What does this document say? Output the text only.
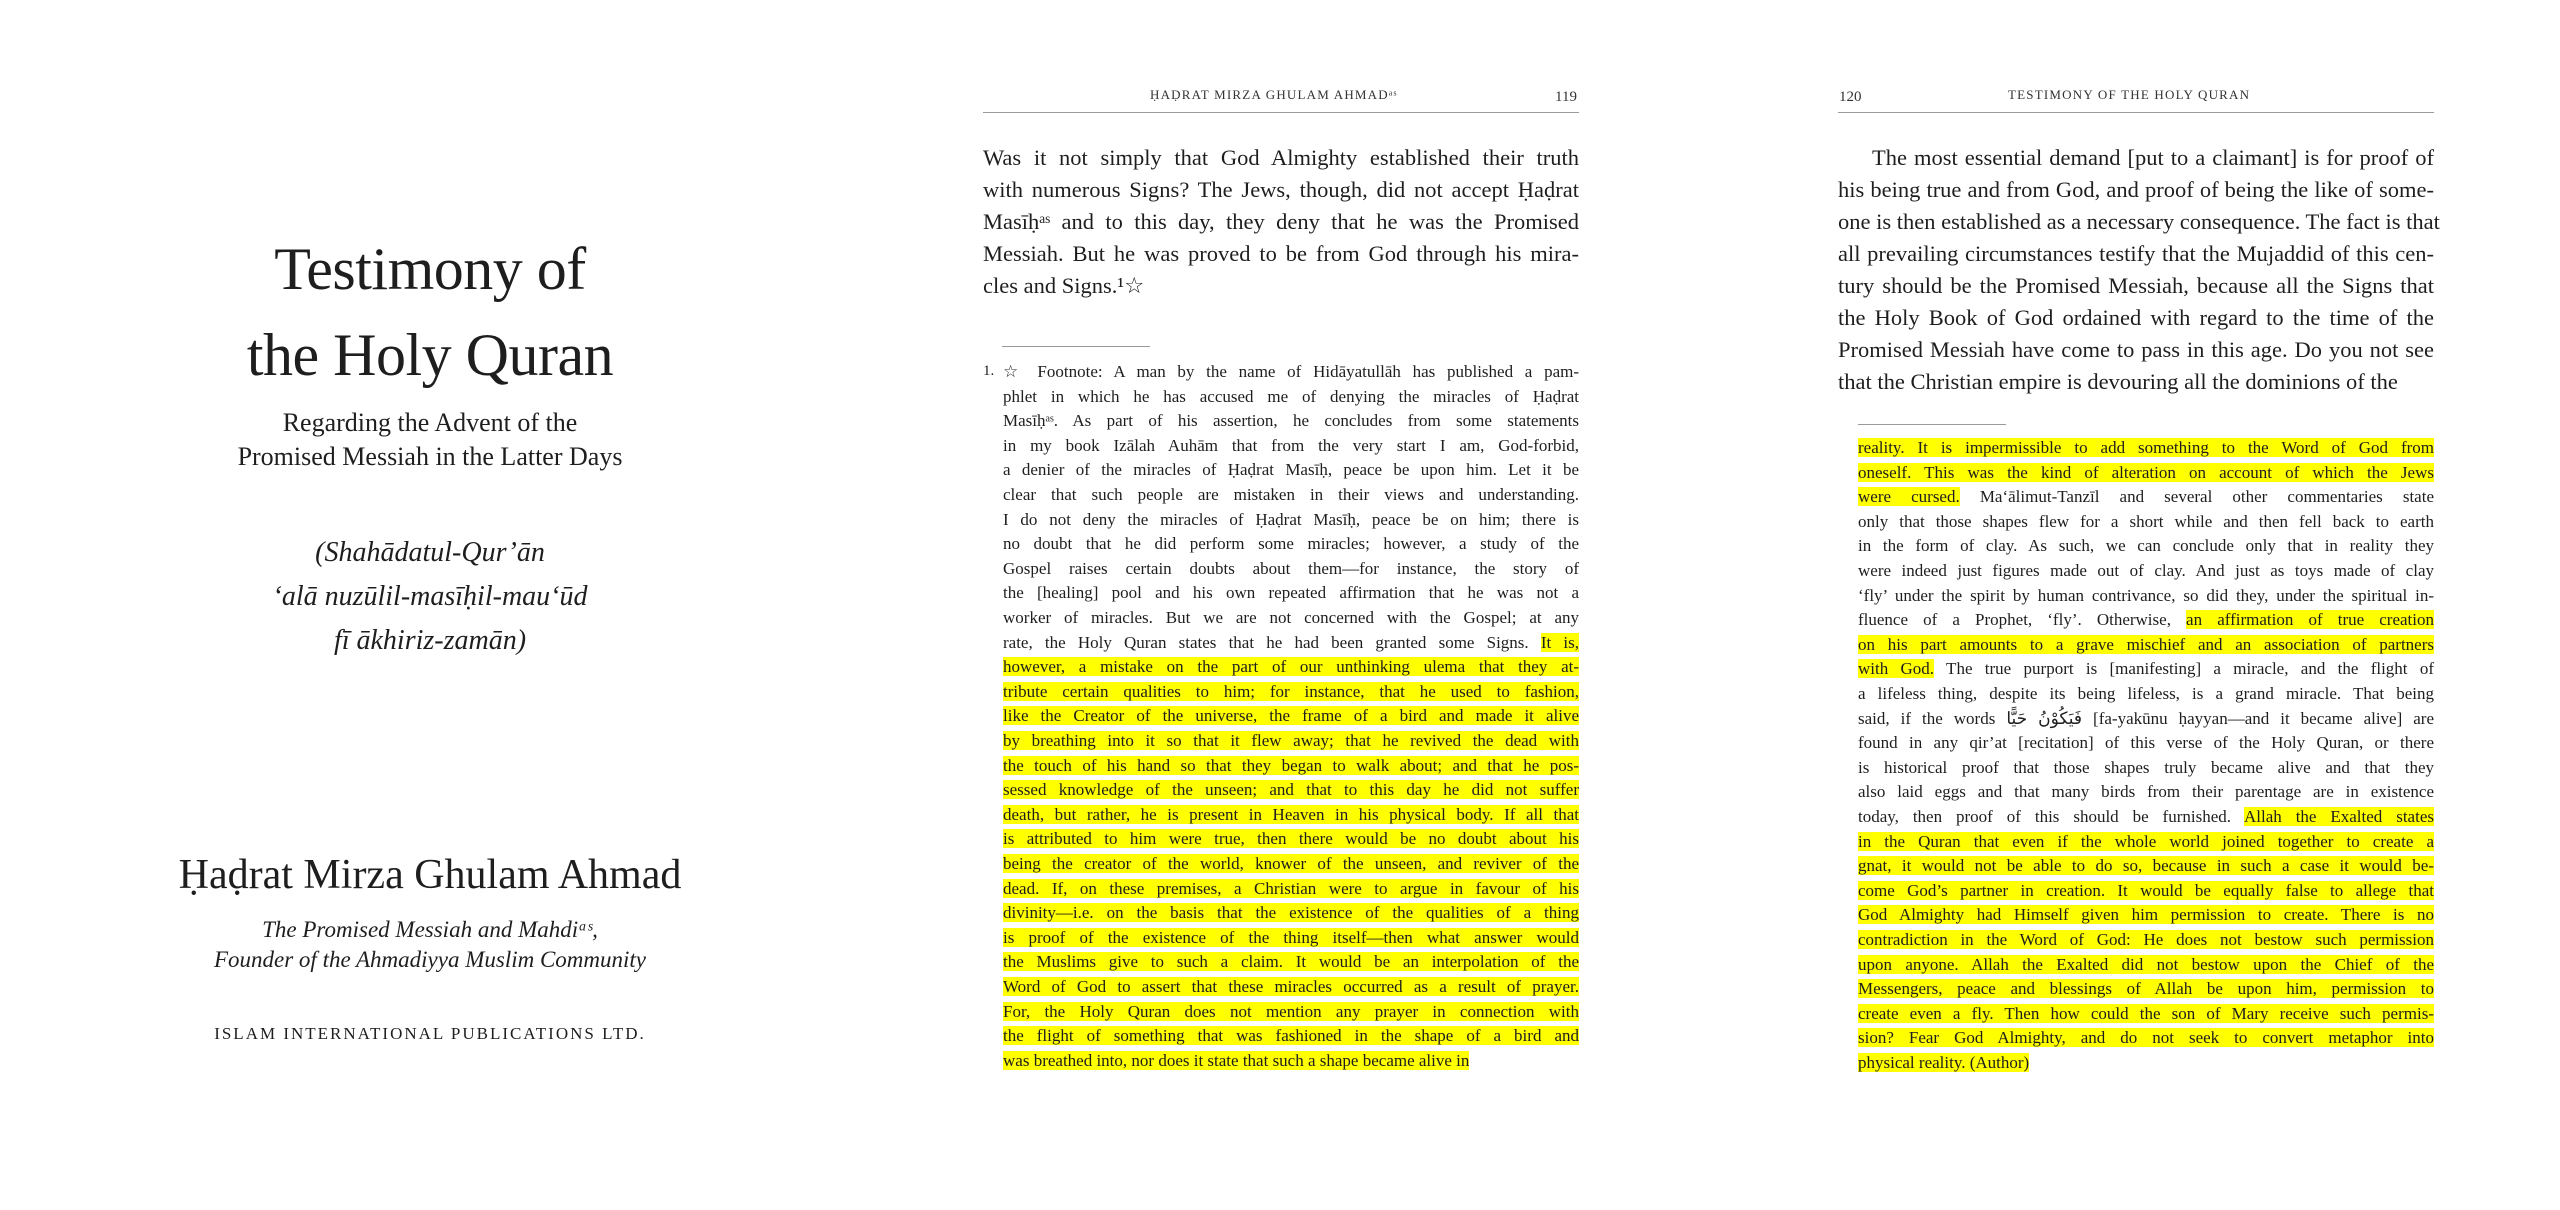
Testimony of
the Holy Quran
Regarding the Advent of the
Promised Messiah in the Latter Days
(Shahādatul-Qur’ān
‘alā nuzūlil-masīḥil-mau‘ūd
fī ākhiriz-zamān)
Ḥaḍrat Mirza Ghulam Ahmad
The Promised Messiah and Mahdiᵃˢ,
Founder of the Ahmadiyya Muslim Community
ISLAM INTERNATIONAL PUBLICATIONS LTD.
ḤAḌRAT MIRZA GHULAM AHMADᵃˢ	119
Was it not simply that God Almighty established their truth
with numerous Signs? The Jews, though, did not accept Ḥaḍrat
Masīḥᵃˢ and to this day, they deny that he was the Promised
Messiah. But he was proved to be from God through his mira-
cles and Signs.¹☆
1. ☆ Footnote: A man by the name of Hidāyatullāh has published a pam-
phlet in which he has accused me of denying the miracles of Ḥaḍrat
Masīḥᵃˢ. As part of his assertion, he concludes from some statements
in my book Izālah Auhām that from the very start I am, God-forbid,
a denier of the miracles of Ḥaḍrat Masīḥ, peace be upon him. Let it be
clear that such people are mistaken in their views and understanding.
I do not deny the miracles of Ḥaḍrat Masīḥ, peace be on him; there is
no doubt that he did perform some miracles; however, a study of the
Gospel raises certain doubts about them—for instance, the story of
the [healing] pool and his own repeated affirmation that he was not a
worker of miracles. But we are not concerned with the Gospel; at any
rate, the Holy Quran states that he had been granted some Signs. It is,
however, a mistake on the part of our unthinking ulema that they at-
tribute certain qualities to him; for instance, that he used to fashion,
like the Creator of the universe, the frame of a bird and made it alive
by breathing into it so that it flew away; that he revived the dead with
the touch of his hand so that they began to walk about; and that he pos-
sessed knowledge of the unseen; and that to this day he did not suffer
death, but rather, he is present in Heaven in his physical body. If all that
is attributed to him were true, then there would be no doubt about his
being the creator of the world, knower of the unseen, and reviver of the
dead. If, on these premises, a Christian were to argue in favour of his
divinity—i.e. on the basis that the existence of the qualities of a thing
is proof of the existence of the thing itself—then what answer would
the Muslims give to such a claim. It would be an interpolation of the
Word of God to assert that these miracles occurred as a result of prayer.
For, the Holy Quran does not mention any prayer in connection with
the flight of something that was fashioned in the shape of a bird and
was breathed into, nor does it state that such a shape became alive in
120	TESTIMONY OF THE HOLY QURAN
The most essential demand [put to a claimant] is for proof of
his being true and from God, and proof of being the like of some-
one is then established as a necessary consequence. The fact is that
all prevailing circumstances testify that the Mujaddid of this cen-
tury should be the Promised Messiah, because all the Signs that
the Holy Book of God ordained with regard to the time of the
Promised Messiah have come to pass in this age. Do you not see
that the Christian empire is devouring all the dominions of the
reality. It is impermissible to add something to the Word of God from
oneself. This was the kind of alteration on account of which the Jews
were cursed. Ma‘ālimut-Tanzīl and several other commentaries state
only that those shapes flew for a short while and then fell back to earth
in the form of clay. As such, we can conclude only that in reality they
were indeed just figures made out of clay. And just as toys made of clay
‘fly’ under the spirit by human contrivance, so did they, under the spiritual in-
fluence of a Prophet, ‘fly’. Otherwise, an affirmation of true creation
on his part amounts to a grave mischief and an association of partners
with God. The true purport is [manifesting] a miracle, and the flight of
a lifeless thing, despite its being lifeless, is a grand miracle. That being
said, if the words فَيَكُوْنُ حَيًّا [fa-yakūnu ḥayyan—and it became alive] are
found in any qir’at [recitation] of this verse of the Holy Quran, or there
is historical proof that those shapes truly became alive and that they
also laid eggs and that many birds from their parentage are in existence
today, then proof of this should be furnished. Allah the Exalted states
in the Quran that even if the whole world joined together to create a
gnat, it would not be able to do so, because in such a case it would be-
come God’s partner in creation. It would be equally false to allege that
God Almighty had Himself given him permission to create. There is no
contradiction in the Word of God: He does not bestow such permission
upon anyone. Allah the Exalted did not bestow upon the Chief of the
Messengers, peace and blessings of Allah be upon him, permission to
create even a fly. Then how could the son of Mary receive such permis-
sion? Fear God Almighty, and do not seek to convert metaphor into
physical reality. (Author)
